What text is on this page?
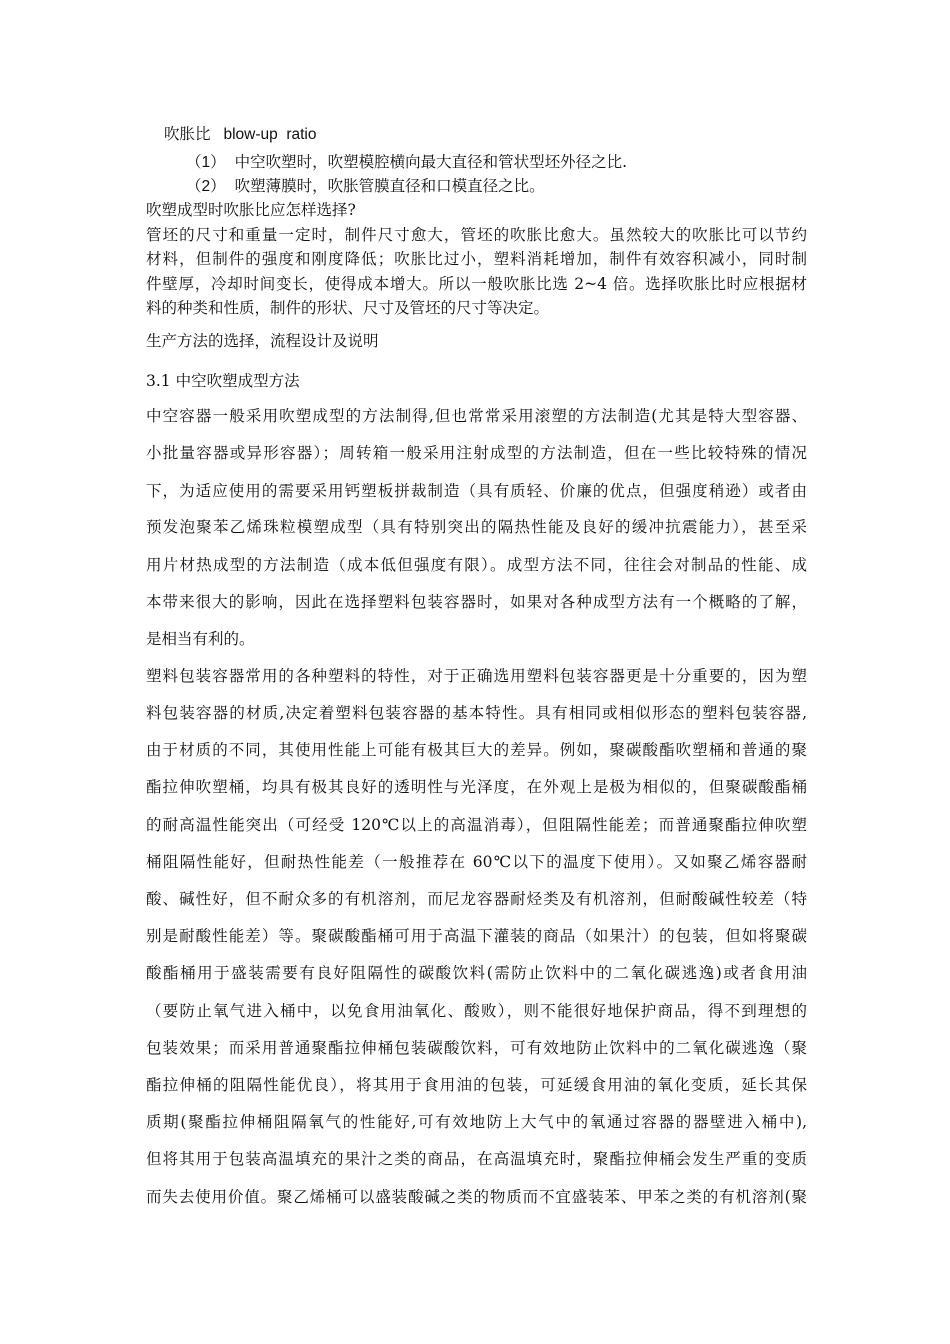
吹胀比 blow-up  ratio
（1） 中空吹塑时，吹塑模腔横向最大直径和管状型坯外径之比.
（2） 吹塑薄膜时，吹胀管膜直径和口模直径之比。
吹塑成型时吹胀比应怎样选择?
管坯的尺寸和重量一定时，制件尺寸愈大，管坯的吹胀比愈大。虽然较大的吹胀比可以节约
材料，但制件的强度和刚度降低；吹胀比过小，塑料消耗增加，制件有效容积减小，同时制
件壁厚，冷却时间变长，使得成本增大。所以一般吹胀比选 2~4 倍。选择吹胀比时应根据材
料的种类和性质，制件的形状、尺寸及管坯的尺寸等决定。
生产方法的选择，流程设计及说明
3.1 中空吹塑成型方法
中空容器一般采用吹塑成型的方法制得,但也常常采用滚塑的方法制造(尤其是特大型容器、
小批量容器或异形容器）；周转箱一般采用注射成型的方法制造，但在一些比较特殊的情况
下，为适应使用的需要采用钙塑板拼裁制造（具有质轻、价廉的优点，但强度稍逊）或者由
预发泡聚苯乙烯珠粒模塑成型（具有特别突出的隔热性能及良好的缓冲抗震能力），甚至采
用片材热成型的方法制造（成本低但强度有限）。成型方法不同，往往会对制品的性能、成
本带来很大的影响，因此在选择塑料包装容器时，如果对各种成型方法有一个概略的了解，
是相当有利的。
塑料包装容器常用的各种塑料的特性，对于正确选用塑料包装容器更是十分重要的，因为塑
料包装容器的材质,决定着塑料包装容器的基本特性。具有相同或相似形态的塑料包装容器,
由于材质的不同，其使用性能上可能有极其巨大的差异。例如，聚碳酸酯吹塑桶和普通的聚
酯拉伸吹塑桶，均具有极其良好的透明性与光泽度，在外观上是极为相似的，但聚碳酸酯桶
的耐高温性能突出（可经受 120℃以上的高温消毒），但阻隔性能差；而普通聚酯拉伸吹塑
桶阻隔性能好，但耐热性能差（一般推荐在 60℃以下的温度下使用）。又如聚乙烯容器耐
酸、碱性好，但不耐众多的有机溶剂，而尼龙容器耐烃类及有机溶剂，但耐酸碱性较差（特
别是耐酸性能差）等。聚碳酸酯桶可用于高温下灌装的商品（如果汁）的包装，但如将聚碳
酸酯桶用于盛装需要有良好阻隔性的碳酸饮料(需防止饮料中的二氧化碳逃逸)或者食用油
（要防止氧气进入桶中，以免食用油氧化、酸败），则不能很好地保护商品，得不到理想的
包装效果；而采用普通聚酯拉伸桶包装碳酸饮料，可有效地防止饮料中的二氧化碳逃逸（聚
酯拉伸桶的阻隔性能优良），将其用于食用油的包装，可延缓食用油的氧化变质，延长其保
质期(聚酯拉伸桶阻隔氧气的性能好,可有效地防上大气中的氧通过容器的器壁进入桶中),
但将其用于包装高温填充的果汁之类的商品，在高温填充时，聚酯拉伸桶会发生严重的变质
而失去使用价值。聚乙烯桶可以盛装酸碱之类的物质而不宜盛装苯、甲苯之类的有机溶剂(聚
